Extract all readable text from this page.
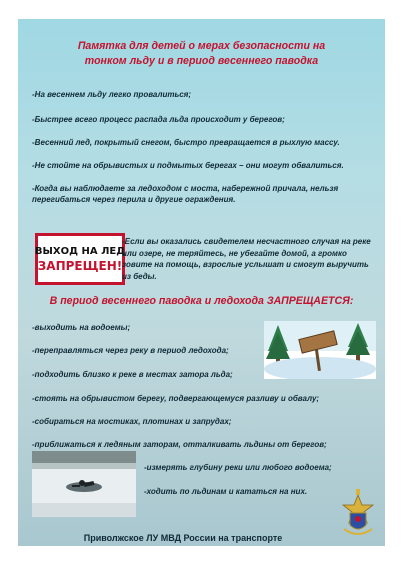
Памятка для детей о мерах безопасности на
тонком льду и в период весеннего паводка
-На весеннем льду легко провалиться;
-Быстрее всего процесс распада льда происходит у берегов;
-Весенний лед, покрытый снегом, быстро превращается в рыхлую массу.
-Не стойте на обрывистых и подмытых берегах – они могут обвалиться.
-Когда вы наблюдаете за ледоходом с моста, набережной причала, нельзя перегибаться через перила и другие ограждения.
ВЫХОД НА ЛЕД
ЗАПРЕЩЕН!
-Если вы оказались свидетелем несчастного случая на реке или озере, не теряйтесь, не убегайте домой, а громко зовите на помощь, взрослые услышат и смогут выручить из беды.
В период весеннего паводка и ледохода ЗАПРЕЩАЕТСЯ:
-выходить на водоемы;
-переправляться через реку в период ледохода;
-подходить близко к реке в местах затора льда;
-стоять на обрывистом берегу, подвергающемуся разливу и обвалу;
-собираться на мостиках, плотинах и запрудах;
-приближаться к ледяным заторам, отталкивать льдины от берегов;
-измерять глубину реки или любого водоема;
-ходить по льдинам и кататься на них.
Приволжское ЛУ МВД России на транспорте
